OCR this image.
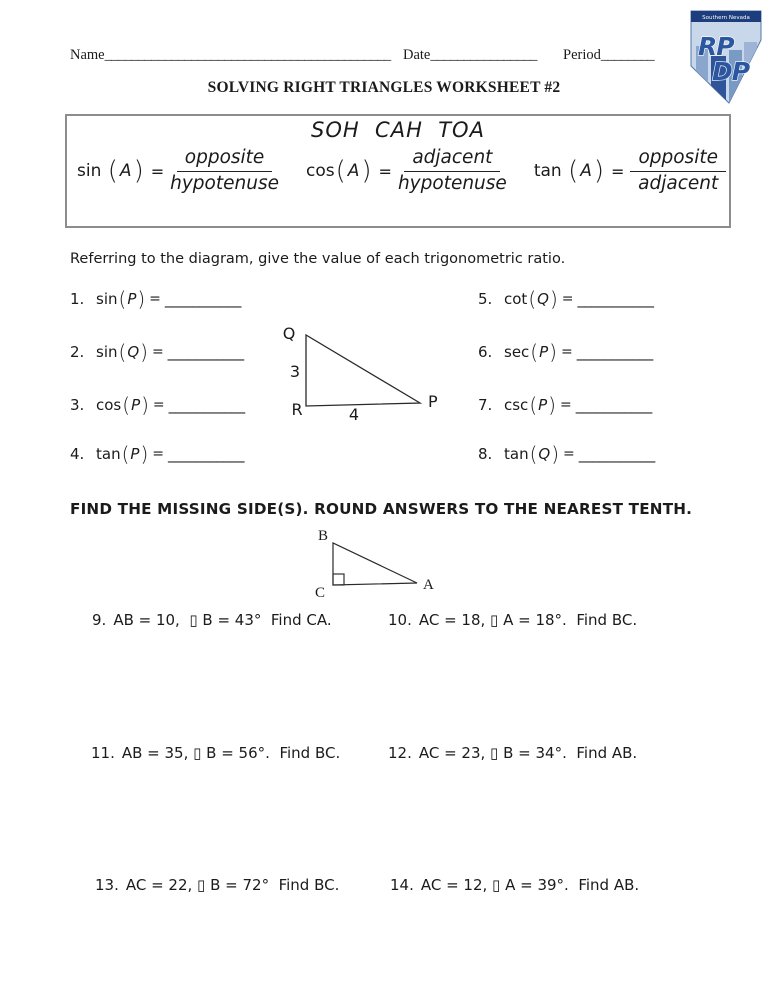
Name___________________________________________ Date________________ Period________
Southern Nevada
RP
DP
SOLVING RIGHT TRIANGLES WORKSHEET #2
SOH  CAH  TOA
sin
( A ) = $\frac{\text{opposite}}{\text{hypotenuse}}$ cos ( A ) = $\frac{\text{adjacent}}{\text{hypotenuse}}$ tan
( A ) = $\frac{\text{opposite}}{\text{adjacent}}$
Referring to the diagram, give the value of each trigonometric ratio.
1. sin ( P ) = ___________
2. sin ( Q ) = ___________
3. cos ( P ) = ___________
4. tan ( P ) = ___________
5. cot ( Q ) = ___________
6. sec ( P ) = ___________
7. csc ( P ) = ___________
8. tan ( Q ) = ___________
Q
R	P
3
4
FIND THE MISSING SIDE(S). ROUND ANSWERS TO THE NEAREST TENTH.
B
C	A
9. AB = 10,  ▯ B = 43°  Find CA.	10. AC = 18, ▯ A = 18°.  Find BC.
11. AB = 35, ▯ B = 56°.  Find BC.	12. AC = 23, ▯ B = 34°.  Find AB.
13. AC = 22, ▯ B = 72°  Find BC.	14. AC = 12, ▯ A = 39°.  Find AB.
